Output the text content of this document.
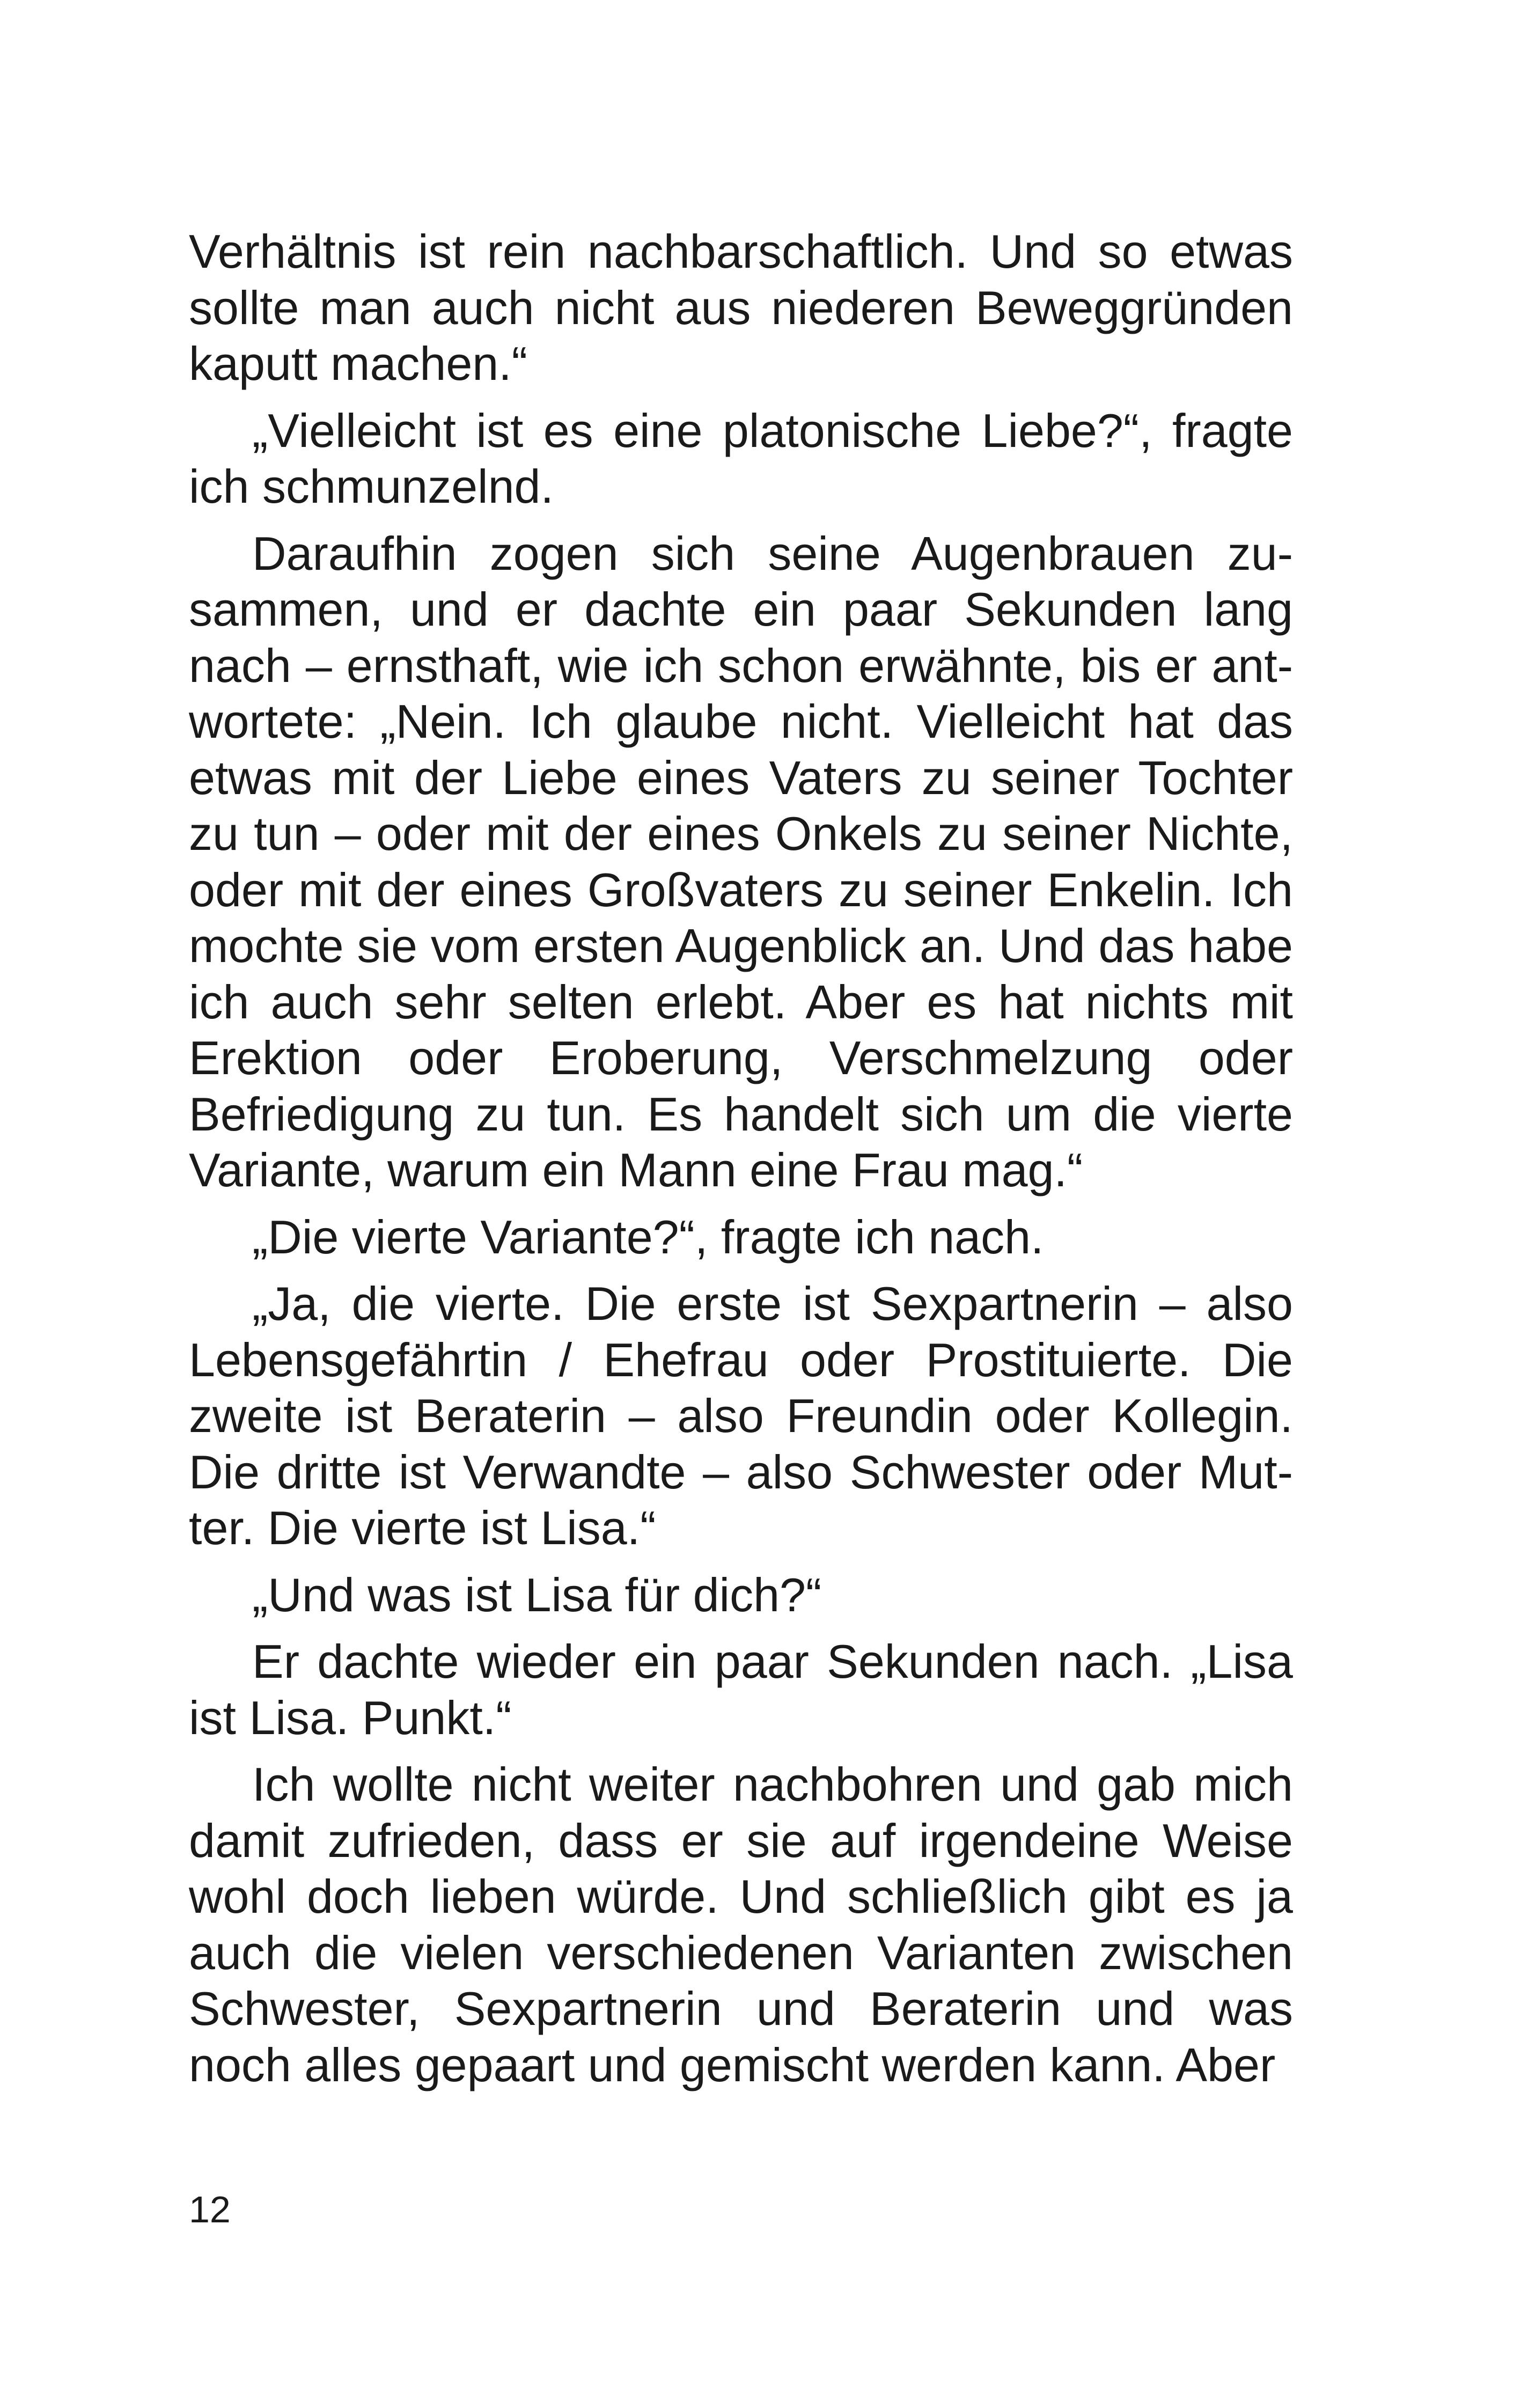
Verhältnis ist rein nachbarschaftlich. Und so etwas sollte man auch nicht aus niederen Beweggründen kaputt machen.“

„Vielleicht ist es eine platonische Liebe?“, fragte ich schmunzelnd.

Daraufhin zogen sich seine Augenbrauen zusammen, und er dachte ein paar Sekunden lang nach – ernsthaft, wie ich schon erwähnte, bis er antwortete: „Nein. Ich glaube nicht. Vielleicht hat das etwas mit der Liebe eines Vaters zu seiner Tochter zu tun – oder mit der eines Onkels zu seiner Nichte, oder mit der eines Großvaters zu seiner Enkelin. Ich mochte sie vom ersten Augenblick an. Und das habe ich auch sehr selten erlebt. Aber es hat nichts mit Erektion oder Eroberung, Verschmelzung oder Befriedigung zu tun. Es handelt sich um die vierte Variante, warum ein Mann eine Frau mag.“

„Die vierte Variante?“, fragte ich nach.

„Ja, die vierte. Die erste ist Sexpartnerin – also Lebensgefährtin / Ehefrau oder Prostituierte. Die zweite ist Beraterin – also Freundin oder Kollegin. Die dritte ist Verwandte – also Schwester oder Mutter. Die vierte ist Lisa.“

„Und was ist Lisa für dich?“

Er dachte wieder ein paar Sekunden nach. „Lisa ist Lisa. Punkt.“

Ich wollte nicht weiter nachbohren und gab mich damit zufrieden, dass er sie auf irgendeine Weise wohl doch lieben würde. Und schließlich gibt es ja auch die vielen verschiedenen Varianten zwischen Schwester, Sexpartnerin und Beraterin und was noch alles gepaart und gemischt werden kann. Aber

12
